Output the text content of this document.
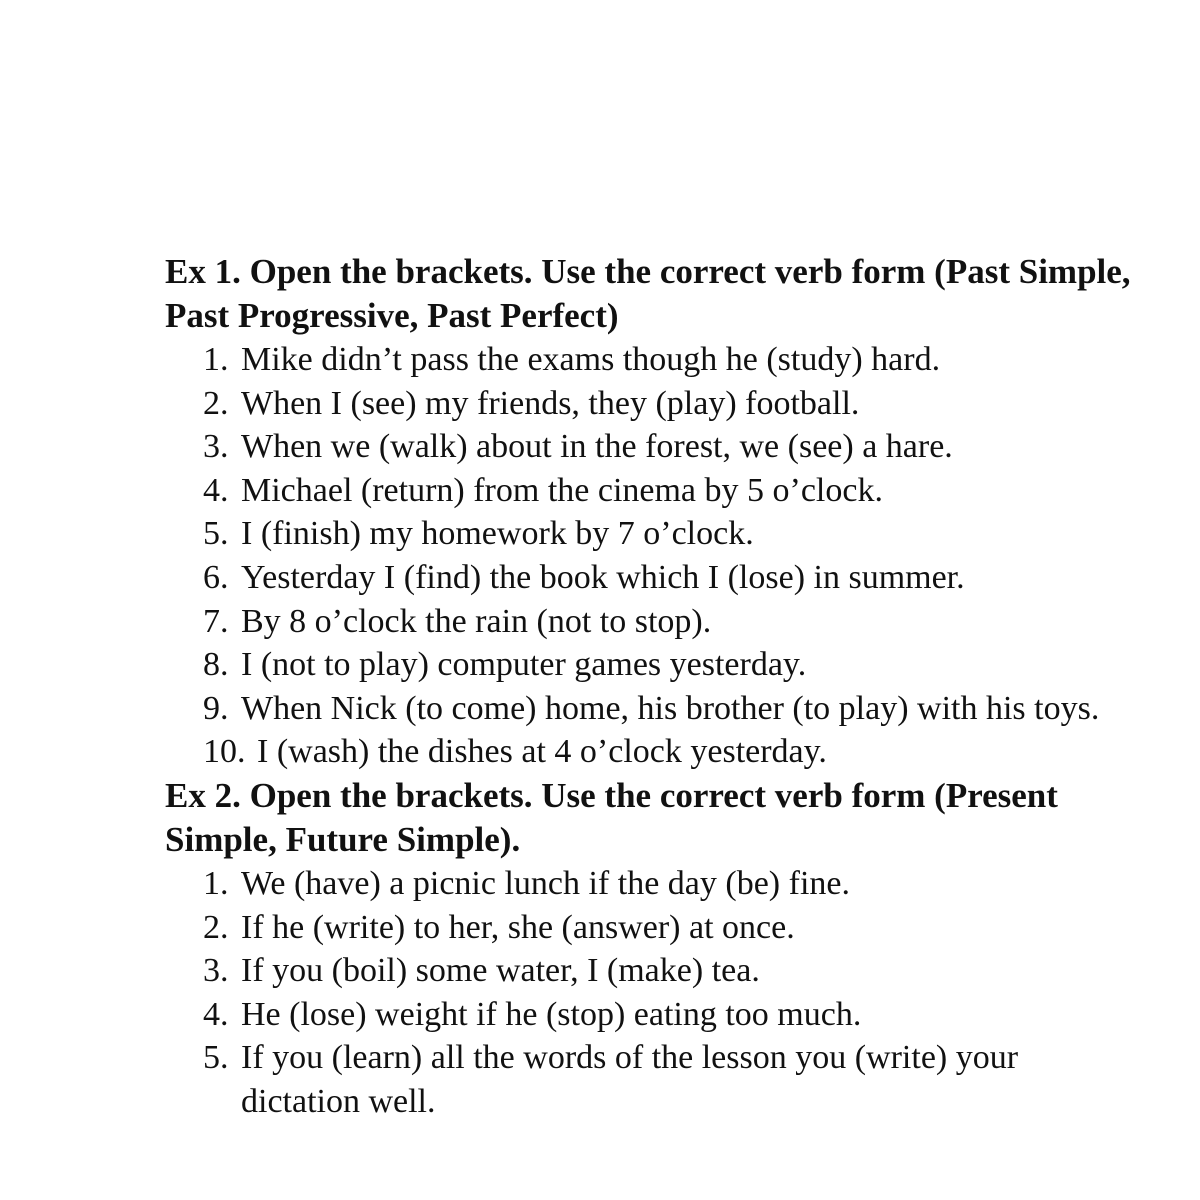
Ex 1. Open the brackets. Use the correct verb form (Past Simple, Past Progressive, Past Perfect)

1. Mike didn’t pass the exams though he (study) hard.
2. When I (see) my friends, they (play) football.
3. When we (walk) about in the forest, we (see) a hare.
4. Michael (return) from the cinema by 5 o’clock.
5. I (finish) my homework by 7 o’clock.
6. Yesterday I (find) the book which I (lose) in summer.
7. By 8 o’clock the rain (not to stop).
8. I (not to play) computer games yesterday.
9. When Nick (to come) home, his brother (to play) with his toys.
10. I (wash) the dishes at 4 o’clock yesterday.

Ex 2. Open the brackets. Use the correct verb form (Present Simple, Future Simple).

1. We (have) a picnic lunch if the day (be) fine.
2. If he (write) to her, she (answer) at once.
3. If you (boil) some water, I (make) tea.
4. He (lose) weight if he (stop) eating too much.
5. If you (learn) all the words of the lesson you (write) your dictation well.
